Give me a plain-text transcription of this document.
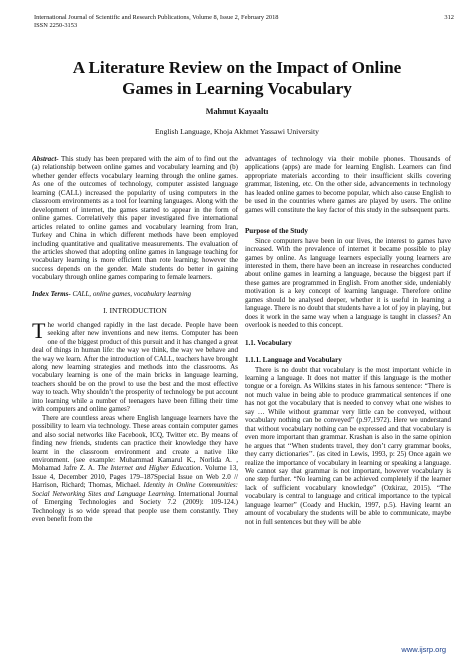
International Journal of Scientific and Research Publications, Volume 8, Issue 2, February 2018	312
ISSN 2250-3153
A Literature Review on the Impact of Online
Games in Learning Vocabulary
Mahmut Kayaaltı
English Language, Khoja Akhmet Yassawi University

Abstract- This study has been prepared with the aim of to find out the (a) relationship between online games and vocabulary learning and (b) whether gender effects vocabulary learning through the online games. As one of the outcomes of technology, computer assisted language learning (CALL) increased the popularity of using computers in the classroom environments as a tool for learning languages. Along with the development of internet, the games started to appear in the form of online games. Correlatively this paper investigated five international articles related to online games and vocabulary learning from Iran, Turkey and China in which different methods have been employed including quantitative and qualitative measurements. The evaluation of the articles showed that adopting online games in language teaching for vocabulary learning is more efficient than rote learning; however the success depends on the gender. Male students do better in gaining vocabulary through online games comparing to female learners.

Index Terms- CALL, online games, vocabulary learning

I. INTRODUCTION

The world changed rapidly in the last decade. People have been seeking after new inventions and new items. Computer has been one of the biggest product of this pursuit and it has changed a great deal of things in human life: the way we think, the way we behave and the way we learn. After the introduction of CALL, teachers have brought along new learning strategies and methods into the classrooms. As vocabulary learning is one of the main bricks in language learning, teachers should be on the prowl to use the best and the most effective way to teach. Why shouldn’t the prosperity of technology be put account into learning while a number of teenagers have been filling their time with computers and online games?

There are countless areas where English language learners have the possibility to learn via technology. These areas contain computer games and also social networks like Facebook, ICQ, Twitter etc. By means of finding new friends, students can practice their knowledge they have learnt in the classroom environment and create a native like environment. (see example: Muhammad Kamarul K., Norlida A. , Mohamad Jafre Z. A. The Internet and Higher Education. Volume 13, Issue 4, December 2010, Pages 179–187Special Issue on Web 2.0 // Harrison, Richard; Thomas, Michael. Identity in Online Communities: Social Networking Sites and Language Learning. International Journal of Emerging Technologies and Society 7.2 (2009): 109-124.) Technology is so wide spread that people use them constantly. They even benefit from the

advantages of technology via their mobile phones. Thousands of applications (apps) are made for learning English. Learners can find appropriate materials according to their insufficient skills covering grammar, listening, etc. On the other side, advancements in technology has leaded online games to become popular, which also cause English to be used in the countries where games are played by users. The online games will constitute the key factor of this study in the subsequent parts.

Purpose of the Study

Since computers have been in our lives, the interest to games have increased. With the prevalence of internet it became possible to play games by online. As language learners especially young learners are interested in them, there have been an increase in researches conducted about online games in learning a language, because the biggest part if these games are programmed in English. From another side, undeniably motivation is a key concept of learning language. Therefore online games should be analysed deeper, whether it is useful in learning a language. There is no doubt that students have a lot of joy in playing, but does it work in the same way when a language is taught in classes? An overlook is needed to this concept.

1.1. Vocabulary
1.1.1. Language and Vocabulary

There is no doubt that vocabulary is the most important vehicle in learning a language. It does not matter if this language is the mother tongue or a foreign. As Wilkins states in his famous sentence: “There is not much value in being able to produce grammatical sentences if one has not got the vocabulary that is needed to convey what one wishes to say … While without grammar very little can be conveyed, without vocabulary nothing can be conveyed” (p.97,1972). Here we understand that without vocabulary nothing can be expressed and that vocabulary is even more important than grammar. Krashan is also in the same opinion he argues that ‘‘When students travel, they don’t carry grammar books, they carry dictionaries’’. (as cited in Lewis, 1993, p: 25) Once again we realize the importance of vocabulary in learning or speaking a language. We cannot say that grammar is not important, however vocabulary is one step further. “No learning can be achieved completely if the learner lack of sufficient vocabulary knowledge” (Ozkiraz, 2015). “The vocabulary is central to language and critical importance to the typical language learner” (Coady and Huckin, 1997, p.5). Having learnt an amount of vocabulary the students will be able to communicate, maybe not in full sentences but they will be able

www.ijsrp.org
